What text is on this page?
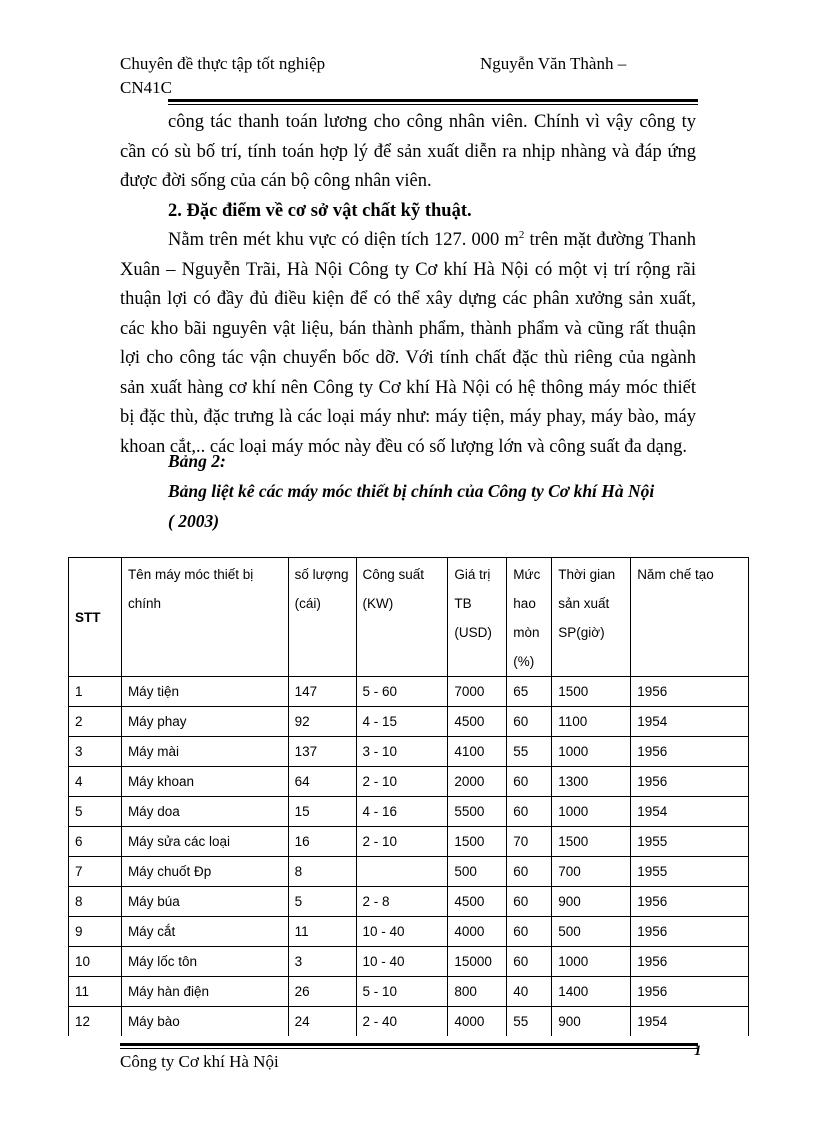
Chuyên đề thực tập tốt nghiệp	Nguyễn Văn Thành –
CN41C

công tác thanh toán lương cho công nhân viên. Chính vì vậy công ty cần có sù bố trí, tính toán hợp lý để sản xuất diễn ra nhịp nhàng và đáp ứng được đời sống của cán bộ công nhân viên.

2. Đặc điểm về cơ sở vật chất kỹ thuật.

Nằm trên mét khu vực có diện tích 127. 000 $m^2$ trên mặt đường Thanh Xuân – Nguyễn Trãi, Hà Nội Công ty Cơ khí Hà Nội có một vị trí rộng rãi thuận lợi có đầy đủ điều kiện để có thể xây dựng các phân xưởng sản xuất, các kho bãi nguyên vật liệu, bán thành phẩm, thành phẩm và cũng rất thuận lợi cho công tác vận chuyển bốc dỡ. Với tính chất đặc thù riêng của ngành sản xuất hàng cơ khí nên Công ty Cơ khí Hà Nội có hệ thông máy móc thiết bị đặc thù, đặc trưng là các loại máy như: máy tiện, máy phay, máy bào, máy khoan cắt,.. các loại máy móc này đều có số lượng lớn và công suất đa dạng.

Bảng 2:
Bảng liệt kê các máy móc thiết bị chính của Công ty Cơ khí Hà Nội
( 2003)
STT	Tên máy móc thiết bị chính	số lượng (cái)	Công suất (KW)	Giá trị TB (USD)	Mức hao mòn (%)	Thời gian sản xuất SP(giờ)	Năm chế tạo
1	Máy tiện	147	5 - 60	7000	65	1500	1956
2	Máy phay	92	4 - 15	4500	60	1100	1954
3	Máy mài	137	3 - 10	4100	55	1000	1956
4	Máy khoan	64	2 - 10	2000	60	1300	1956
5	Máy doa	15	4 - 16	5500	60	1000	1954
6	Máy sửa các loại	16	2 - 10	1500	70	1500	1955
7	Máy chuốt Đp	8		500	60	700	1955
8	Máy búa	5	2 - 8	4500	60	900	1956
9	Máy cắt	11	10 - 40	4000	60	500	1956
10	Máy lốc tôn	3	10 - 40	15000	60	1000	1956
11	Máy hàn điện	26	5 - 10	800	40	1400	1956
12	Máy bào	24	2 - 40	4000	55	900	1954
Công ty Cơ khí Hà Nội
1
